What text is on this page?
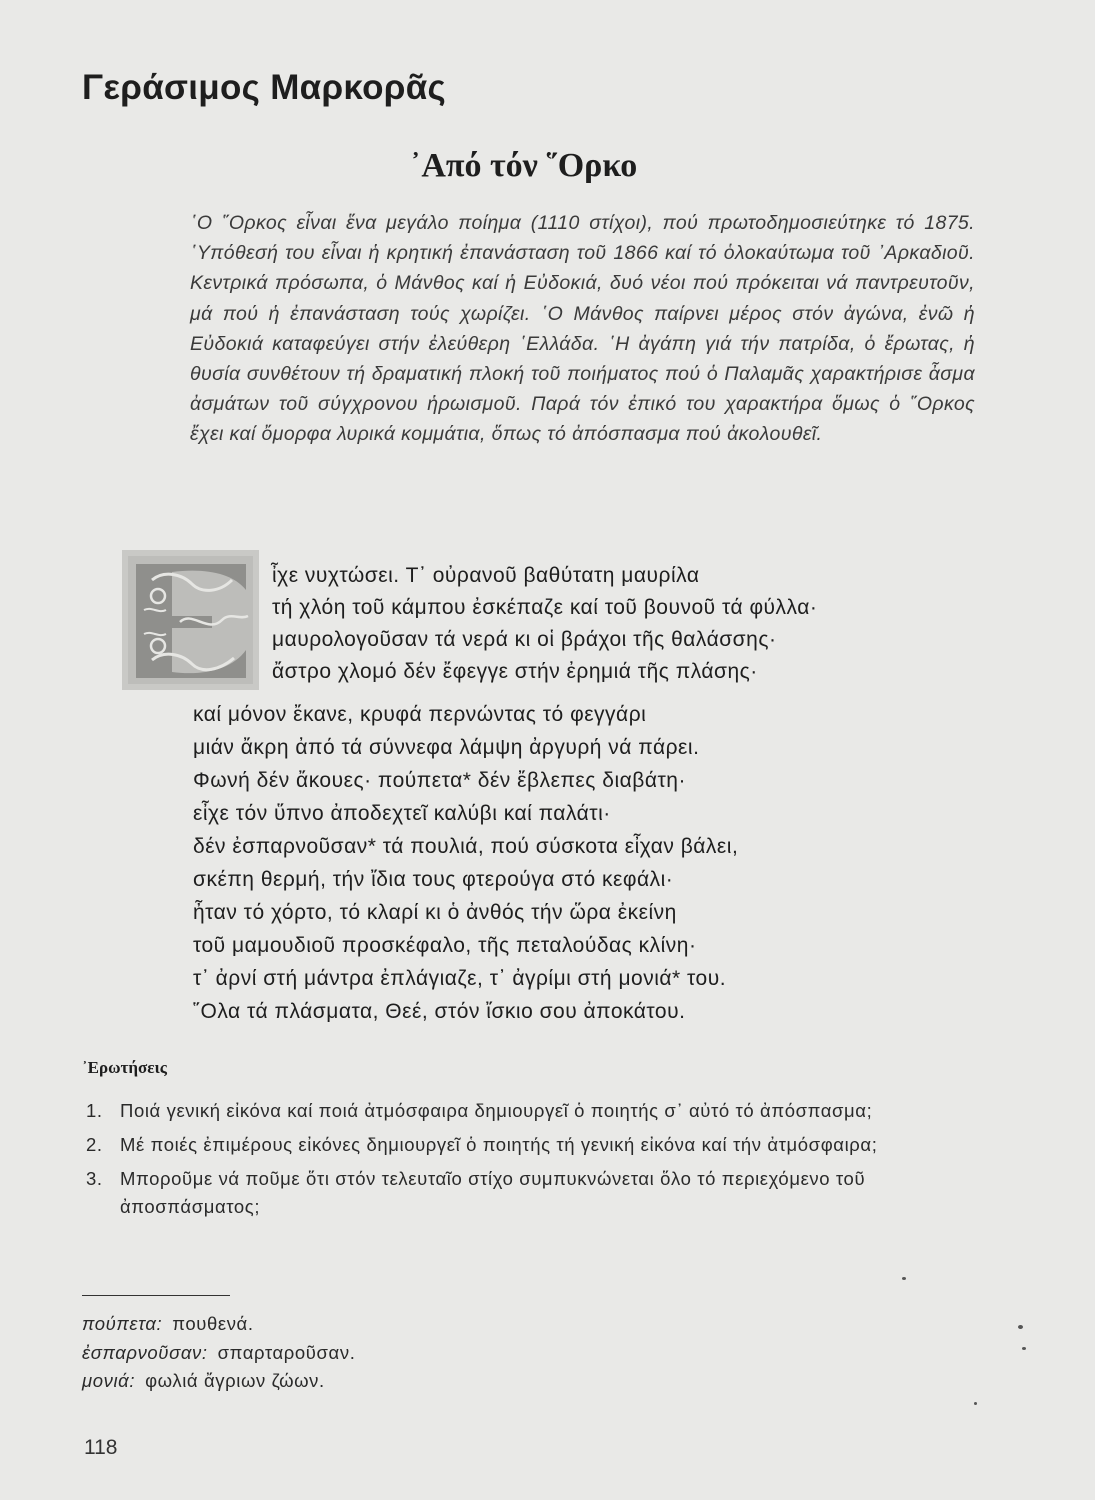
Γεράσιμος Μαρκορᾶς
᾿Από τόν ῞Ορκο
῾Ο ῞Ορκος εἶναι ἕνα μεγάλο ποίημα (1110 στίχοι), πού πρωτοδημοσιεύτηκε τό 1875. ῾Υπόθεσή του εἶναι ἡ κρητική ἐπανάσταση τοῦ 1866 καί τό ὁλοκαύτωμα τοῦ ᾿Αρκαδιοῦ. Κεντρικά πρόσωπα, ὁ Μάνθος καί ἡ Εὐδοκιά, δυό νέοι πού πρόκειται νά παντρευτοῦν, μά πού ἡ ἐπανάσταση τούς χωρίζει. ῾Ο Μάνθος παίρνει μέρος στόν ἀγώνα, ἐνῶ ἡ Εὐδοκιά καταφεύγει στήν ἐλεύθερη ῾Ελλάδα. ῾Η ἀγάπη γιά τήν πατρίδα, ὁ ἔρωτας, ἡ θυσία συνθέτουν τή δραματική πλοκή τοῦ ποιήματος πού ὁ Παλαμᾶς χαρακτήρισε ἆσμα ἀσμάτων τοῦ σύγχρονου ἡρωισμοῦ. Παρά τόν ἐπικό του χαρακτήρα ὅμως ὁ ῞Ορκος ἔχει καί ὄμορφα λυρικά κομμάτια, ὅπως τό ἀπόσπασμα πού ἀκολουθεῖ.
ἶχε νυχτώσει. Τ᾿ οὐρανοῦ βαθύτατη μαυρίλα
τή χλόη τοῦ κάμπου ἐσκέπαζε καί τοῦ βουνοῦ τά φύλλα·
μαυρολογοῦσαν τά νερά κι οἱ βράχοι τῆς θαλάσσης·
ἄστρο χλομό δέν ἔφεγγε στήν ἐρημιά τῆς πλάσης·
καί μόνον ἔκανε, κρυφά περνώντας τό φεγγάρι
μιάν ἄκρη ἀπό τά σύννεφα λάμψη ἀργυρή νά πάρει.
Φωνή δέν ἄκουες· πούπετα* δέν ἔβλεπες διαβάτη·
εἶχε τόν ὕπνο ἀποδεχτεῖ καλύβι καί παλάτι·
δέν ἐσπαρνοῦσαν* τά πουλιά, πού σύσκοτα εἶχαν βάλει,
σκέπη θερμή, τήν ἴδια τους φτερούγα στό κεφάλι·
ἦταν τό χόρτο, τό κλαρί κι ὁ ἀνθός τήν ὥρα ἐκείνη
τοῦ μαμουδιοῦ προσκέφαλο, τῆς πεταλούδας κλίνη·
τ᾿ ἀρνί στή μάντρα ἐπλάγιαζε, τ᾿ ἀγρίμι στή μονιά* του.
῞Ολα τά πλάσματα, Θεέ, στόν ἴσκιο σου ἀποκάτου.
᾿Ερωτήσεις
1. Ποιά γενική εἰκόνα καί ποιά ἀτμόσφαιρα δημιουργεῖ ὁ ποιητής σ᾿ αὐτό τό ἀπόσπασμα;
2. Μέ ποιές ἐπιμέρους εἰκόνες δημιουργεῖ ὁ ποιητής τή γενική εἰκόνα καί τήν ἀτμόσφαιρα;
3. Μποροῦμε νά ποῦμε ὅτι στόν τελευταῖο στίχο συμπυκνώνεται ὅλο τό περιεχόμενο τοῦ ἀποσπάσματος;
πούπετα: πουθενά.
ἐσπαρνοῦσαν: σπαρταροῦσαν.
μονιά: φωλιά ἄγριων ζώων.
118
